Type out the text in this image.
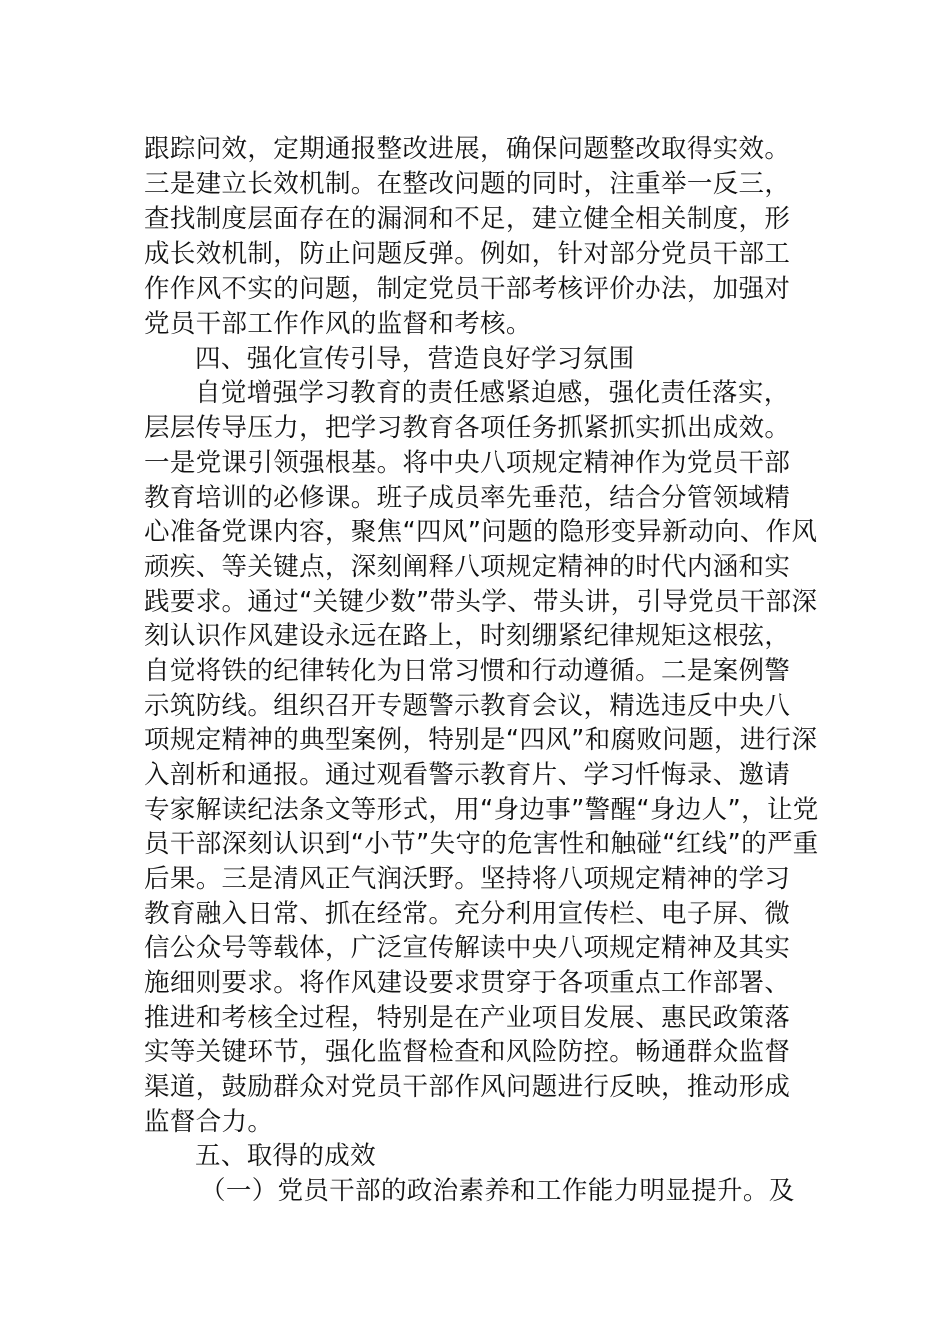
跟踪问效，定期通报整改进展，确保问题整改取得实效。
三是建立长效机制。在整改问题的同时，注重举一反三，
查找制度层面存在的漏洞和不足，建立健全相关制度，形
成长效机制，防止问题反弹。例如，针对部分党员干部工
作作风不实的问题，制定党员干部考核评价办法，加强对
党员干部工作作风的监督和考核。
四、强化宣传引导，营造良好学习氛围
自觉增强学习教育的责任感紧迫感，强化责任落实，
层层传导压力，把学习教育各项任务抓紧抓实抓出成效。
一是党课引领强根基。将中央八项规定精神作为党员干部
教育培训的必修课。班子成员率先垂范，结合分管领域精
心准备党课内容，聚焦“四风”问题的隐形变异新动向、作风
顽疾、等关键点，深刻阐释八项规定精神的时代内涵和实
践要求。通过“关键少数”带头学、带头讲，引导党员干部深
刻认识作风建设永远在路上，时刻绷紧纪律规矩这根弦，
自觉将铁的纪律转化为日常习惯和行动遵循。二是案例警
示筑防线。组织召开专题警示教育会议，精选违反中央八
项规定精神的典型案例，特别是“四风”和腐败问题，进行深
入剖析和通报。通过观看警示教育片、学习忏悔录、邀请
专家解读纪法条文等形式，用“身边事”警醒“身边人”，让党
员干部深刻认识到“小节”失守的危害性和触碰“红线”的严重
后果。三是清风正气润沃野。坚持将八项规定精神的学习
教育融入日常、抓在经常。充分利用宣传栏、电子屏、微
信公众号等载体，广泛宣传解读中央八项规定精神及其实
施细则要求。将作风建设要求贯穿于各项重点工作部署、
推进和考核全过程，特别是在产业项目发展、惠民政策落
实等关键环节，强化监督检查和风险防控。畅通群众监督
渠道，鼓励群众对党员干部作风问题进行反映，推动形成
监督合力。
五、取得的成效
（一）党员干部的政治素养和工作能力明显提升。及
